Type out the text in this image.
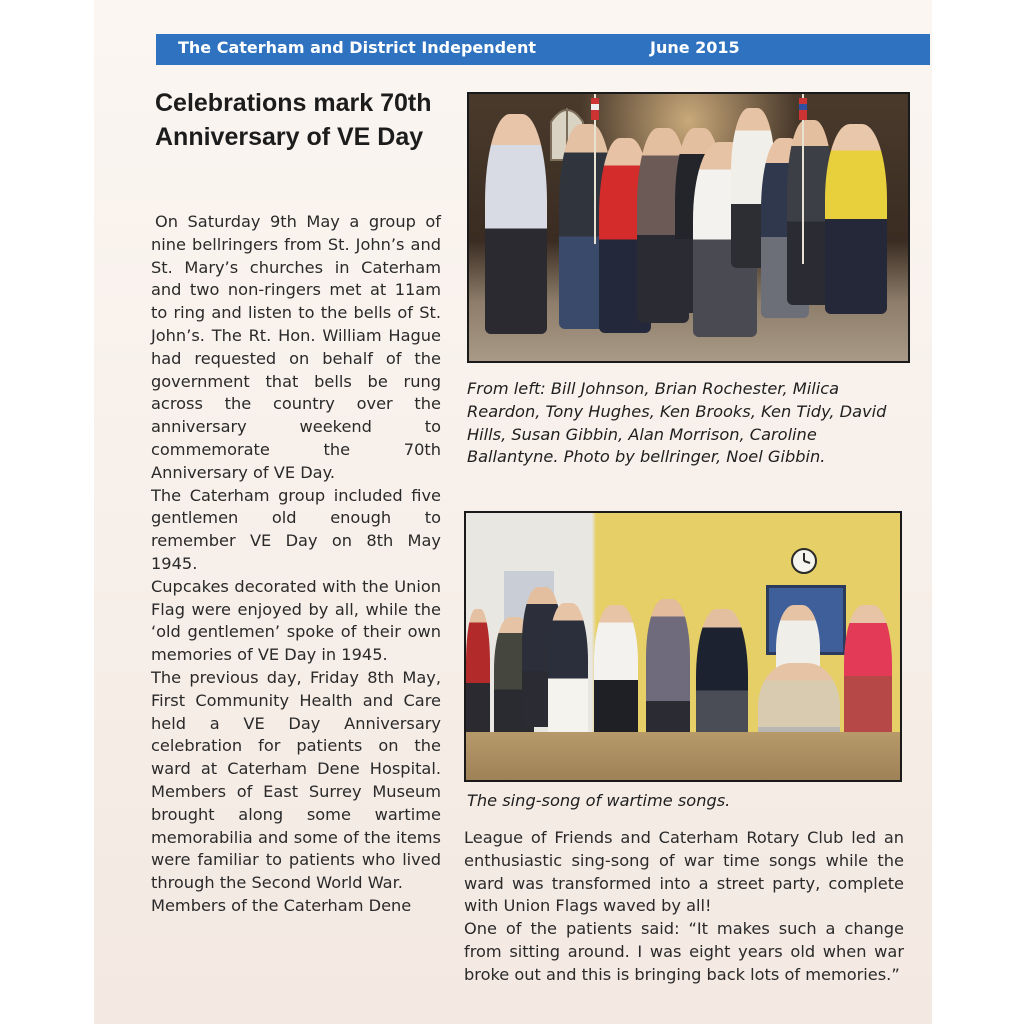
The Caterham and District Independent	June 2015
Celebrations mark 70th Anniversary of VE Day

On Saturday 9th May a group of nine bellringers from St. John’s and St. Mary’s churches in Caterham and two non-ringers met at 11am to ring and listen to the bells of St. John’s. The Rt. Hon. William Hague had requested on behalf of the government that bells be rung across the country over the anniversary weekend to commemorate the 70th Anniversary of VE Day.

The Caterham group included five gentlemen old enough to remember VE Day on 8th May 1945.

Cupcakes decorated with the Union Flag were enjoyed by all, while the ‘old gentlemen’ spoke of their own memories of VE Day in 1945.

The previous day, Friday 8th May, First Community Health and Care held a VE Day Anniversary celebration for patients on the ward at Caterham Dene Hospital. Members of East Surrey Museum brought along some wartime memorabilia and some of the items were familiar to patients who lived through the Second World War.

Members of the Caterham Dene

From left: Bill Johnson, Brian Rochester, Milica Reardon, Tony Hughes, Ken Brooks, Ken Tidy, David Hills, Susan Gibbin, Alan Morrison, Caroline Ballantyne. Photo by bellringer, Noel Gibbin.

The sing-song of wartime songs.

League of Friends and Caterham Rotary Club led an enthusiastic sing-song of war time songs while the ward was transformed into a street party, complete with Union Flags waved by all!

One of the patients said: “It makes such a change from sitting around. I was eight years old when war broke out and this is bringing back lots of memories.”
